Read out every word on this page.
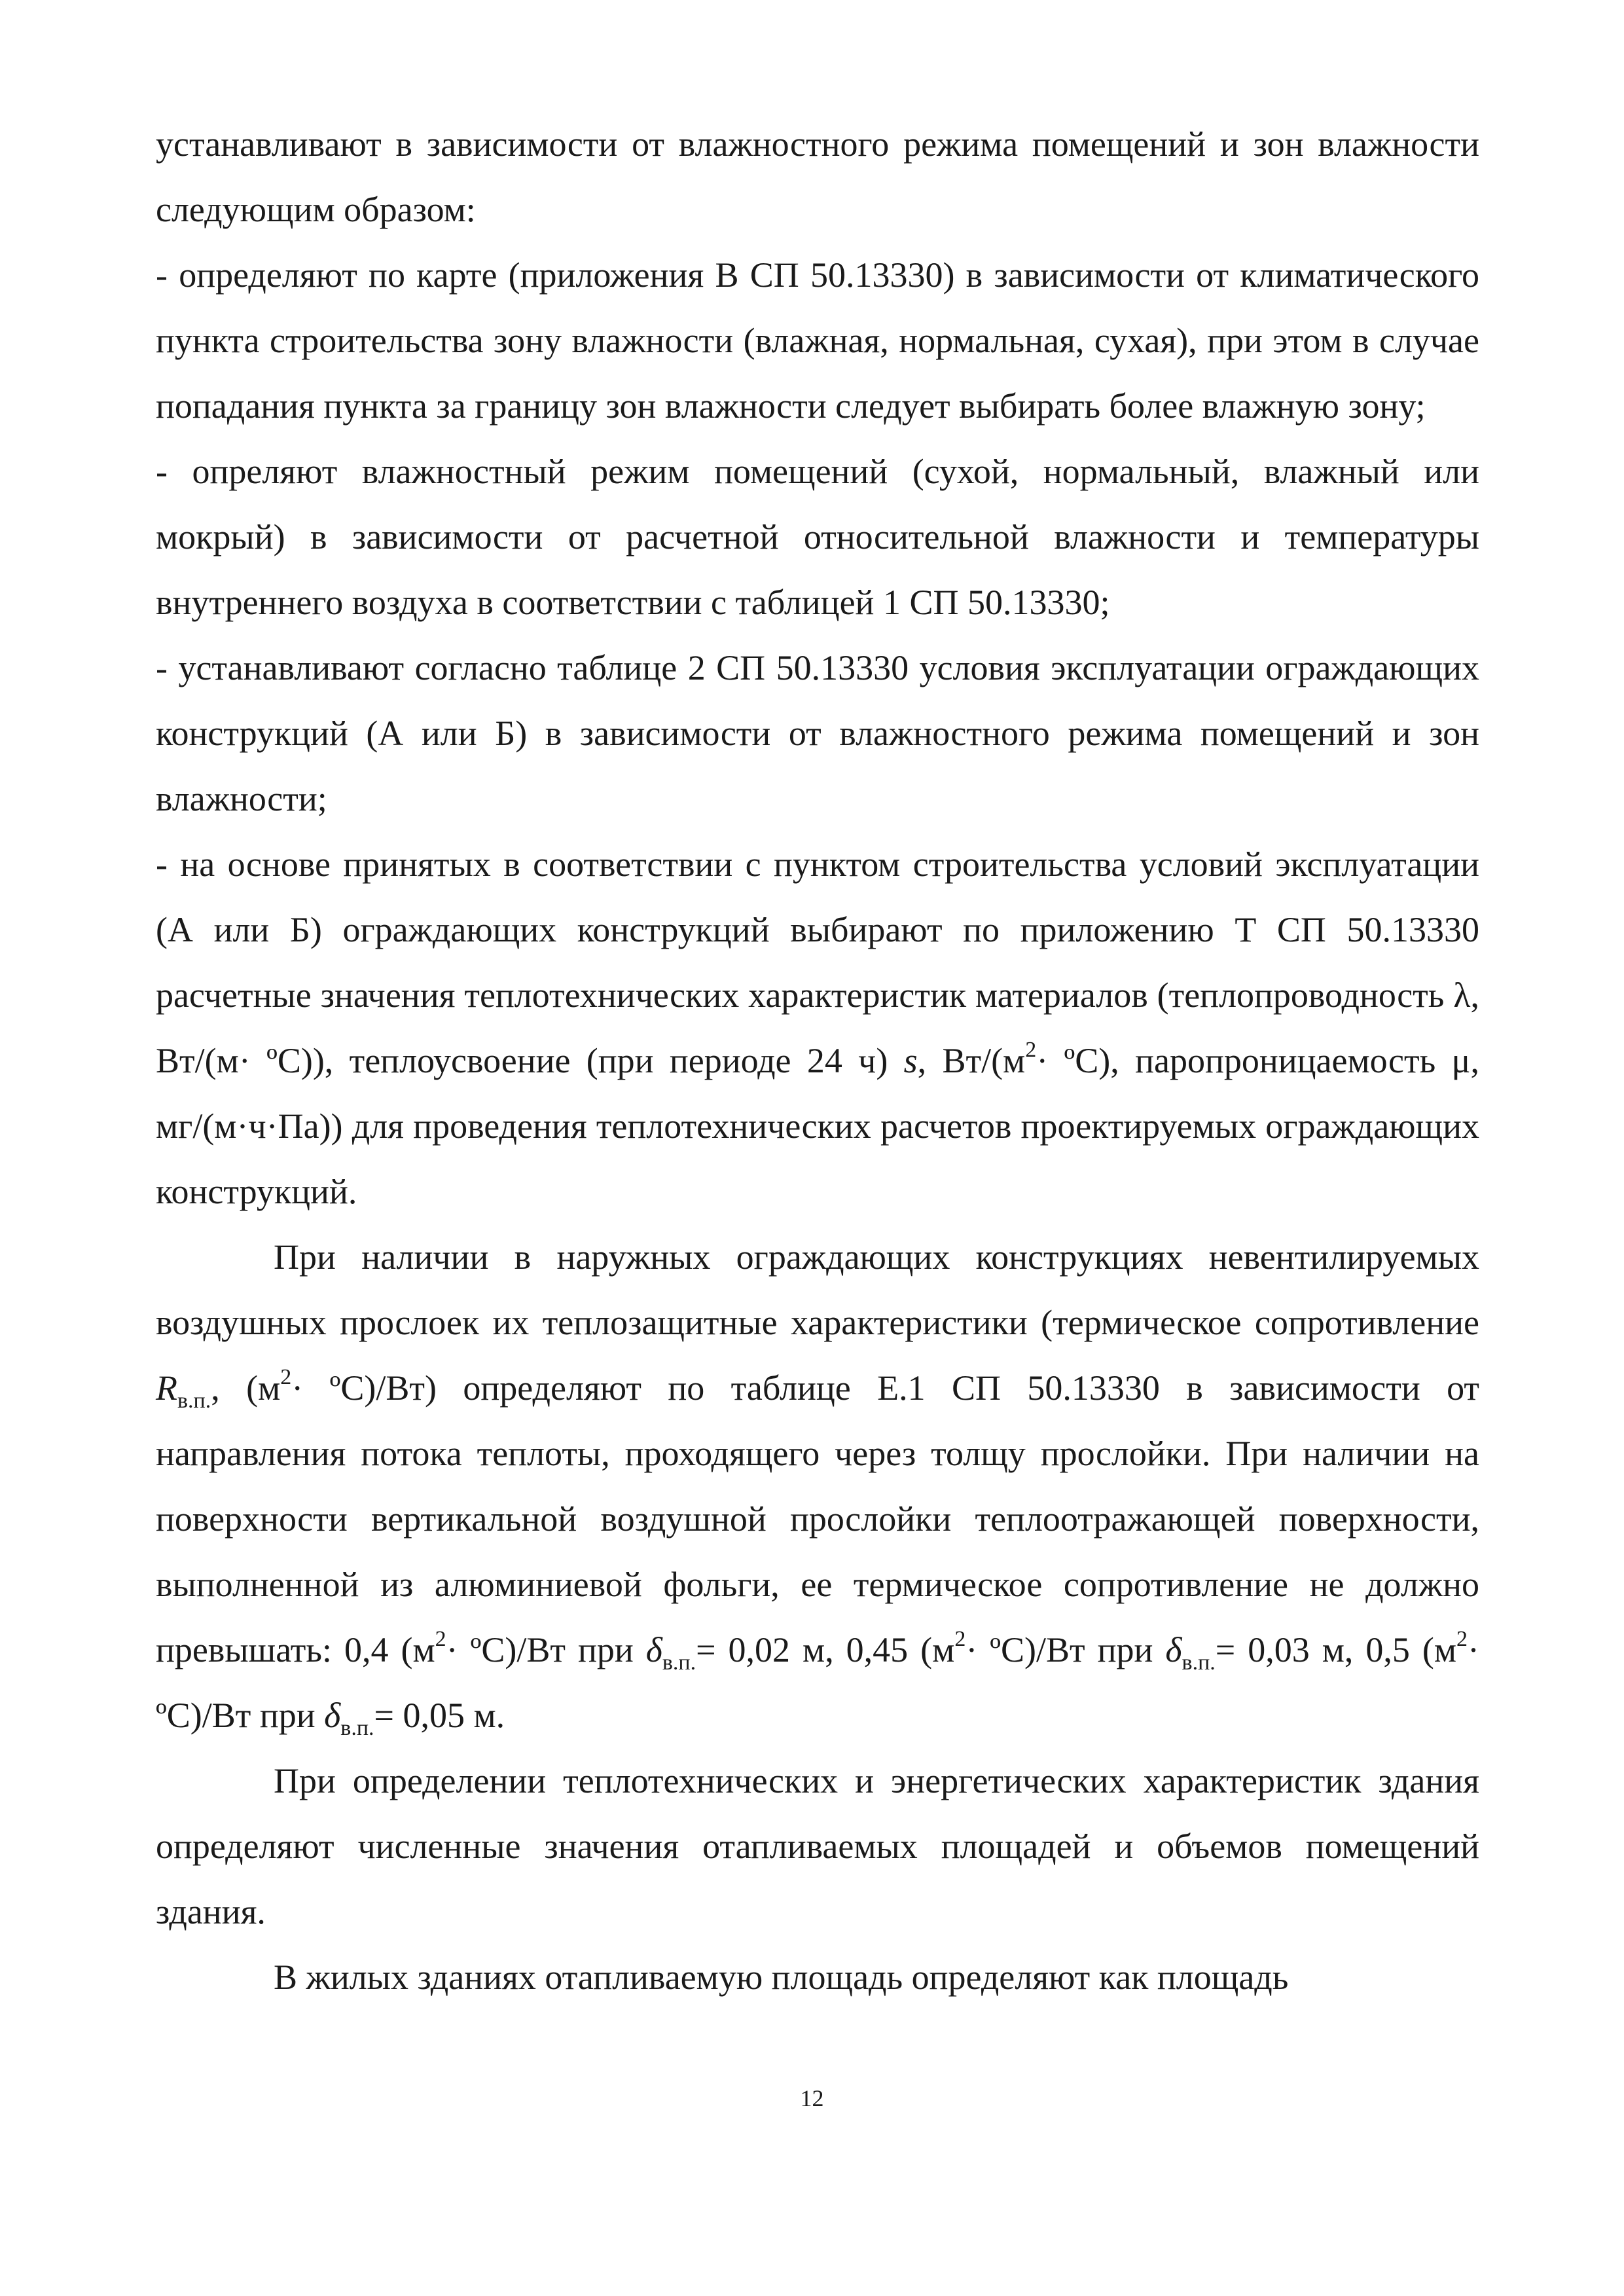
устанавливают в зависимости от влажностного режима помещений и зон влажности следующим образом:

- определяют по карте (приложения В СП 50.13330) в зависимости от климатического пункта строительства зону влажности (влажная, нормальная, сухая), при этом в случае попадания пункта за границу зон влажности следует выбирать более влажную зону;

- опреляют влажностный режим помещений (сухой, нормальный, влажный или мокрый) в зависимости от расчетной относительной влажности и температуры внутреннего воздуха в соответствии с таблицей 1 СП 50.13330;

- устанавливают согласно таблице 2 СП 50.13330 условия эксплуатации ограждающих конструкций (А или Б) в зависимости от влажностного режима помещений и зон влажности;

- на основе принятых в соответствии с пунктом строительства условий эксплуатации (А или Б) ограждающих конструкций выбирают по приложению Т СП 50.13330 расчетные значения теплотехнических характеристик материалов (теплопроводность λ, Вт/(м· ºС)), теплоусвоение (при периоде 24 ч) s, $Вт/(м^2\cdot$ ºС), паропроницаемость μ, мг/(м·ч·Па)) для проведения теплотехнических расчетов проектируемых ограждающих конструкций.

При наличии в наружных ограждающих конструкциях невентилируемых воздушных прослоек их теплозащитные характеристики (термическое сопротивление $R_{в.п.}$, ($м^2\cdot$ ºС)/Вт) определяют по таблице Е.1 СП 50.13330 в зависимости от направления потока теплоты, проходящего через толщу прослойки. При наличии на поверхности вертикальной воздушной прослойки теплоотражающей поверхности, выполненной из алюминиевой фольги, ее термическое сопротивление не должно превышать: 0,4 ($м^2\cdot$ ºС)/Вт при $\delta_{в.п.}= 0,02$ м, 0,45 ($м^2\cdot$ ºС)/Вт при $\delta_{в.п.}= 0,03$ м, 0,5 ($м^2\cdot$ ºС)/Вт при $\delta_{в.п.}= 0,05$ м.

При определении теплотехнических и энергетических характеристик здания определяют численные значения отапливаемых площадей и объемов помещений здания.

В жилых зданиях отапливаемую площадь определяют как площадь

12
